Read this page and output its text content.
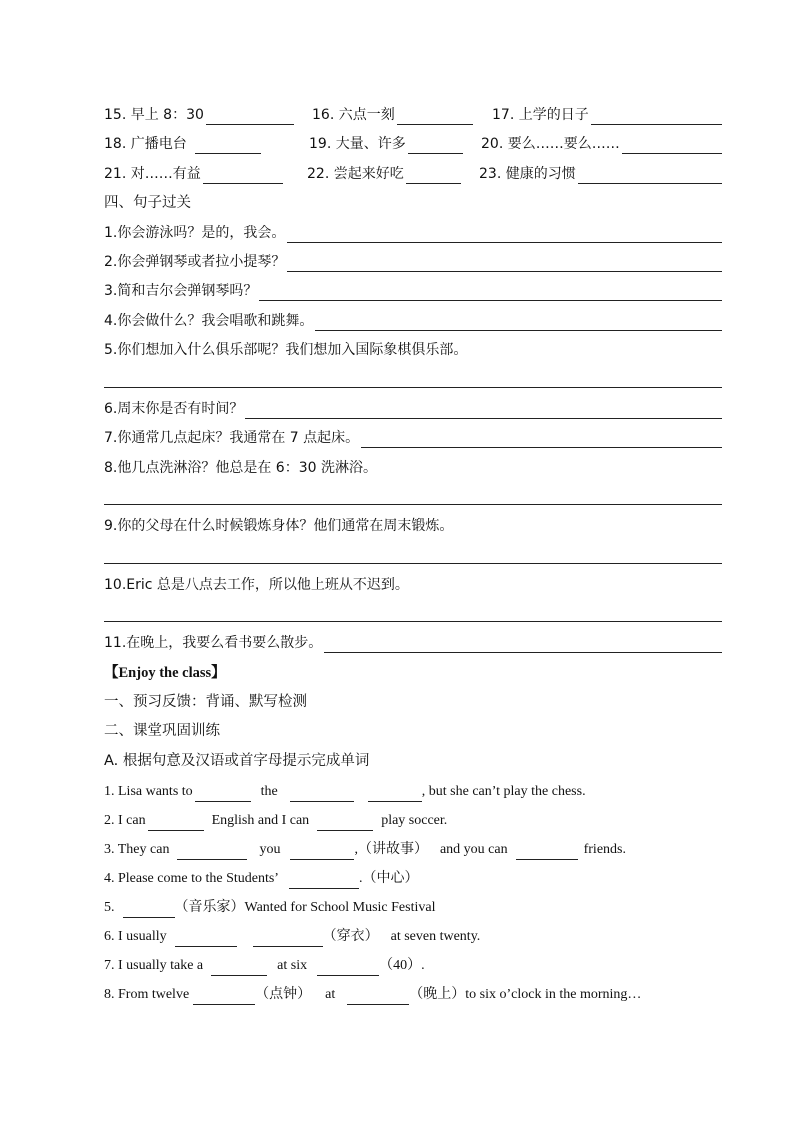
15. 早上 8：30	16. 六点一刻	17. 上学的日子
18. 广播电台	19. 大量、许多	20. 要么……要么……
21. 对……有益	22. 尝起来好吃	23. 健康的习惯
四、句子过关
1.你会游泳吗？是的，我会。
2.你会弹钢琴或者拉小提琴？
3.简和吉尔会弹钢琴吗？
4.你会做什么？我会唱歌和跳舞。
5.你们想加入什么俱乐部呢？我们想加入国际象棋俱乐部。
6.周末你是否有时间？
7.你通常几点起床？我通常在 7 点起床。
8.他几点洗淋浴？他总是在 6：30 洗淋浴。
9.你的父母在什么时候锻炼身体？他们通常在周末锻炼。
10.Eric 总是八点去工作，所以他上班从不迟到。
11.在晚上，我要么看书要么散步。
【Enjoy the class】
一、预习反馈：背诵、默写检测
二、课堂巩固训练
A. 根据句意及汉语或首字母提示完成单词
1. Lisa wants to	the	, but she can’t play the chess.
2. I can	English and I can	play soccer.
3. They can	you	,（讲故事） and you can	friends.
4. Please come to the Students’	.（中心）
5.	（音乐家）Wanted for School Music Festival
6. I usually	（穿衣） at seven twenty.
7. I usually take a	at six	（40）.
8. From twelve	（点钟） at	（晚上）to six o’clock in the morning…
